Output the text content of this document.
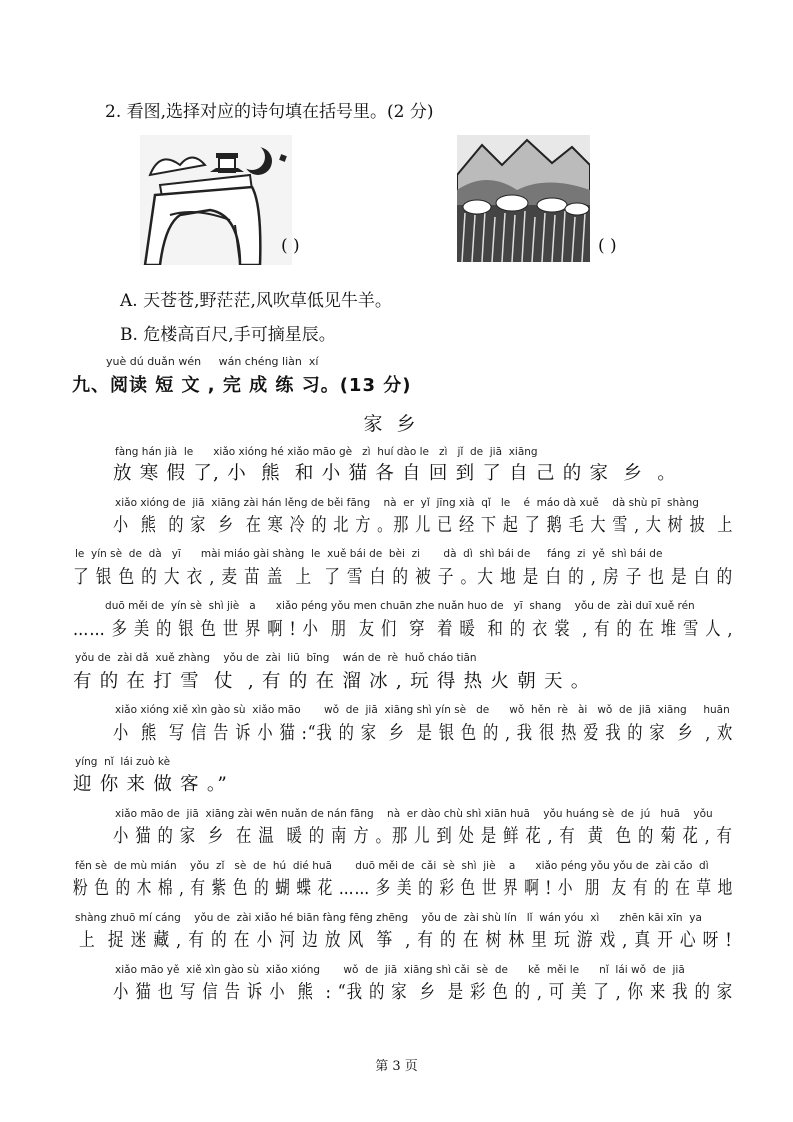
2. 看图,选择对应的诗句填在括号里。(2 分)
( )	( )
A. 天苍苍,野茫茫,风吹草低见牛羊。
B. 危楼高百尺,手可摘星辰。
yuè dú duǎn wén     wán chéng liàn  xí
九、阅读 短 文 , 完 成 练 习。(13 分)
家乡
fàng hán jià  le      xiǎo xióng hé xiǎo māo gè   zì  huí dào le   zì   jǐ  de  jiā  xiāng
放 寒 假 了, 小  熊  和 小 猫 各 自 回 到 了 自 己 的 家  乡  。
xiǎo xióng de  jiā  xiāng zài hán lěng de běi fāng    nà  er  yǐ  jīng xià  qǐ   le    é  máo dà xuě    dà shù pī  shàng
小  熊  的 家  乡  在 寒 冷 的 北 方 。那 儿 已 经 下 起 了 鹅 毛 大 雪 , 大 树 披  上
le  yín sè  de  dà   yī      mài miáo gài shàng  le  xuě bái de  bèi  zi       dà  dì  shì bái de     fáng  zi  yě  shì bái de
了 银 色 的 大 衣 , 麦 苗 盖  上  了 雪 白 的 被 子 。大 地 是 白 的 , 房 子 也 是 白 的
duō měi de  yín sè  shì jiè   a      xiǎo péng yǒu men chuān zhe nuǎn huo de   yī  shang    yǒu de  zài duī xuě rén
…… 多 美 的 银 色 世 界 啊 ! 小  朋  友 们  穿  着 暖  和 的 衣 裳  , 有 的 在 堆 雪 人 ,
yǒu de  zài dǎ  xuě zhàng    yǒu de  zài  liū  bīng    wán de  rè  huǒ cháo tiān
有 的 在 打 雪  仗  , 有 的 在 溜 冰 , 玩 得 热 火 朝 天 。
xiǎo xióng xiě xìn gào sù  xiǎo māo       wǒ  de  jiā  xiāng shì yín sè   de      wǒ  hěn  rè   ài   wǒ  de  jiā  xiāng     huān
小  熊  写 信 告 诉 小 猫 :“我 的 家  乡  是 银 色 的 , 我 很 热 爱 我 的 家  乡  , 欢
yíng  nǐ  lái zuò kè
迎 你 来 做 客 。”
xiǎo māo de  jiā  xiāng zài wēn nuǎn de nán fāng    nà  er dào chù shì xiān huā    yǒu huáng sè  de  jú   huā    yǒu
小 猫 的 家  乡  在 温  暖 的 南 方 。那 儿 到 处 是 鲜 花 , 有  黄  色 的 菊 花 , 有
fěn sè  de mù mián    yǒu  zǐ   sè  de  hú  dié huā       duō měi de  cǎi  sè  shì  jiè    a      xiǎo péng yǒu yǒu de  zài cǎo  dì
粉 色 的 木 棉 , 有 紫 色 的 蝴 蝶 花 …… 多 美 的 彩 色 世 界 啊 ! 小  朋  友 有 的 在 草 地
shàng zhuō mí cáng    yǒu de  zài xiǎo hé biān fàng fēng zhēng    yǒu de  zài shù lín   lǐ  wán yóu  xì      zhēn kāi xīn  ya
上  捉 迷 藏 , 有 的 在 小 河 边 放 风  筝  , 有 的 在 树 林 里 玩 游 戏 , 真 开 心 呀 !
xiǎo māo yě  xiě xìn gào sù  xiǎo xióng       wǒ  de  jiā  xiāng shì cǎi  sè  de      kě  měi le      nǐ  lái wǒ  de  jiā
小 猫 也 写 信 告 诉 小  熊  : “我 的 家  乡  是 彩 色 的 , 可 美 了 , 你 来 我 的 家
第 3 页
